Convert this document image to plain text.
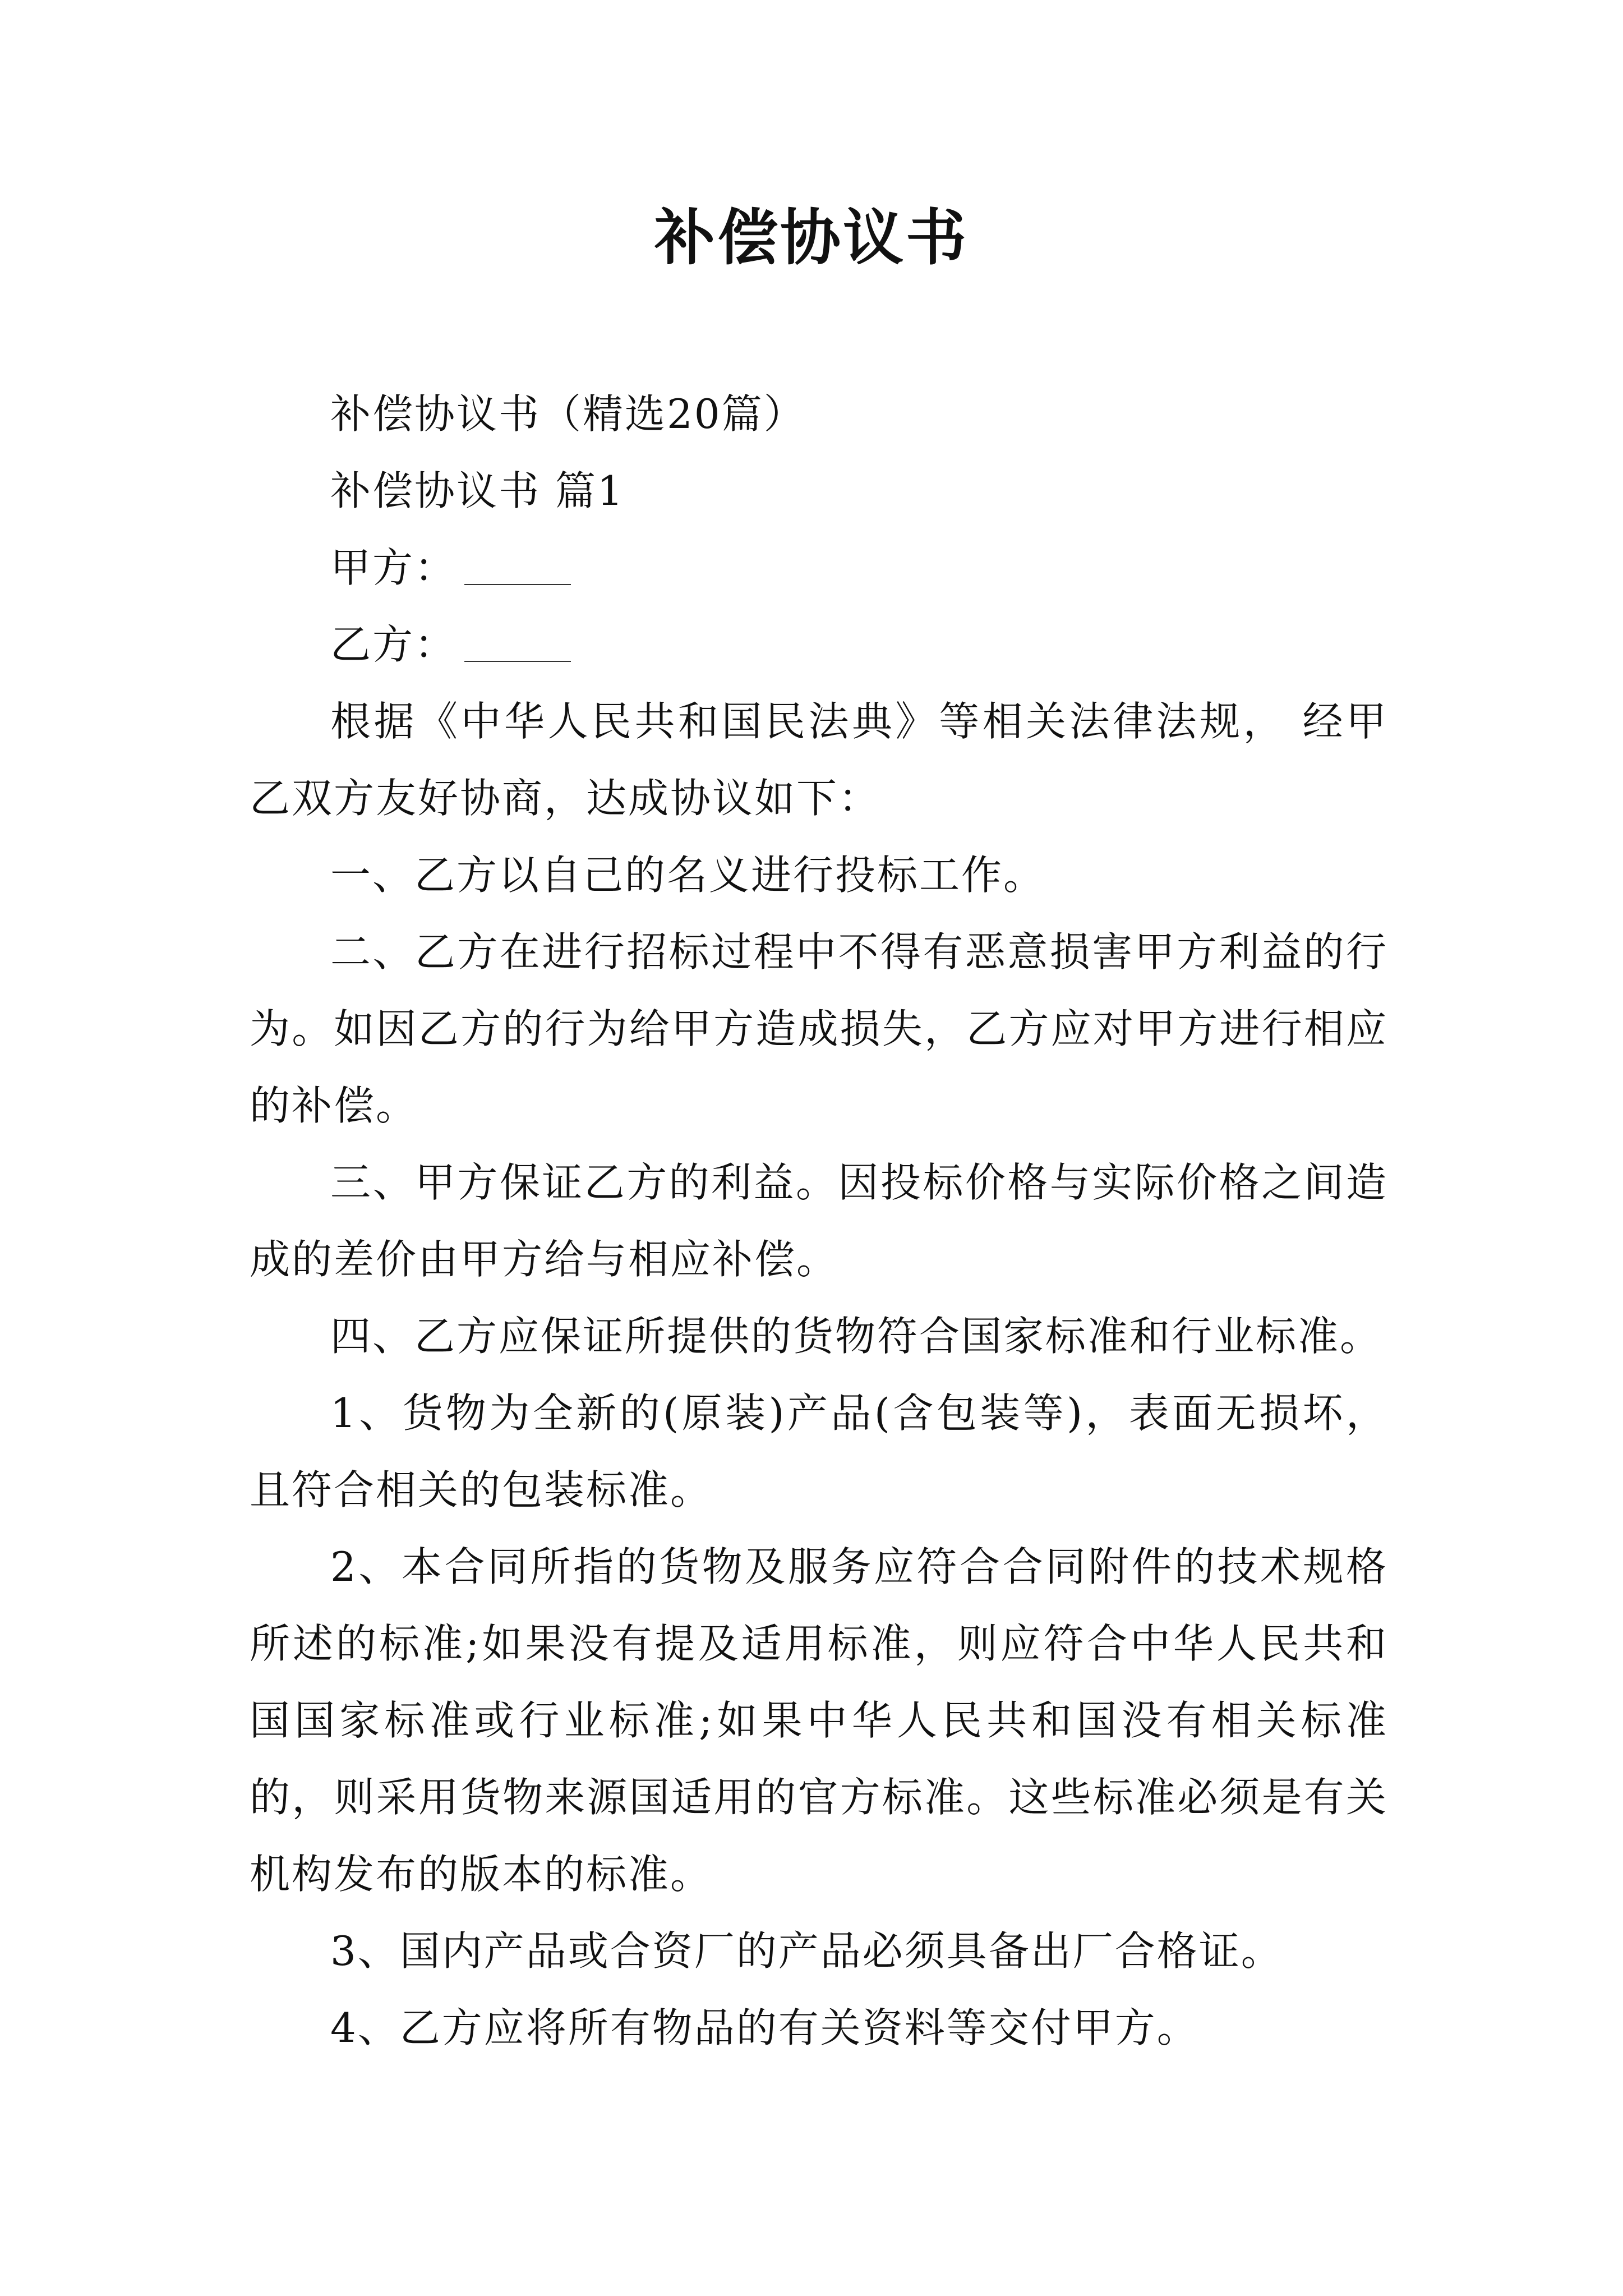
补偿协议书

补偿协议书（精选20篇）

补偿协议书 篇1

甲方：

乙方：

根据《中华人民共和国民法典》等相关法律法规， 经甲乙双方友好协商，达成协议如下：

一、乙方以自己的名义进行投标工作。

二、乙方在进行招标过程中不得有恶意损害甲方利益的行为。如因乙方的行为给甲方造成损失，乙方应对甲方进行相应的补偿。

三、甲方保证乙方的利益。因投标价格与实际价格之间造成的差价由甲方给与相应补偿。

四、乙方应保证所提供的货物符合国家标准和行业标准。

1、货物为全新的(原装)产品(含包装等)，表面无损坏，且符合相关的包装标准。

2、本合同所指的货物及服务应符合合同附件的技术规格所述的标准;如果没有提及适用标准，则应符合中华人民共和国国家标准或行业标准;如果中华人民共和国没有相关标准的，则采用货物来源国适用的官方标准。这些标准必须是有关机构发布的版本的标准。

3、国内产品或合资厂的产品必须具备出厂合格证。

4、乙方应将所有物品的有关资料等交付甲方。
